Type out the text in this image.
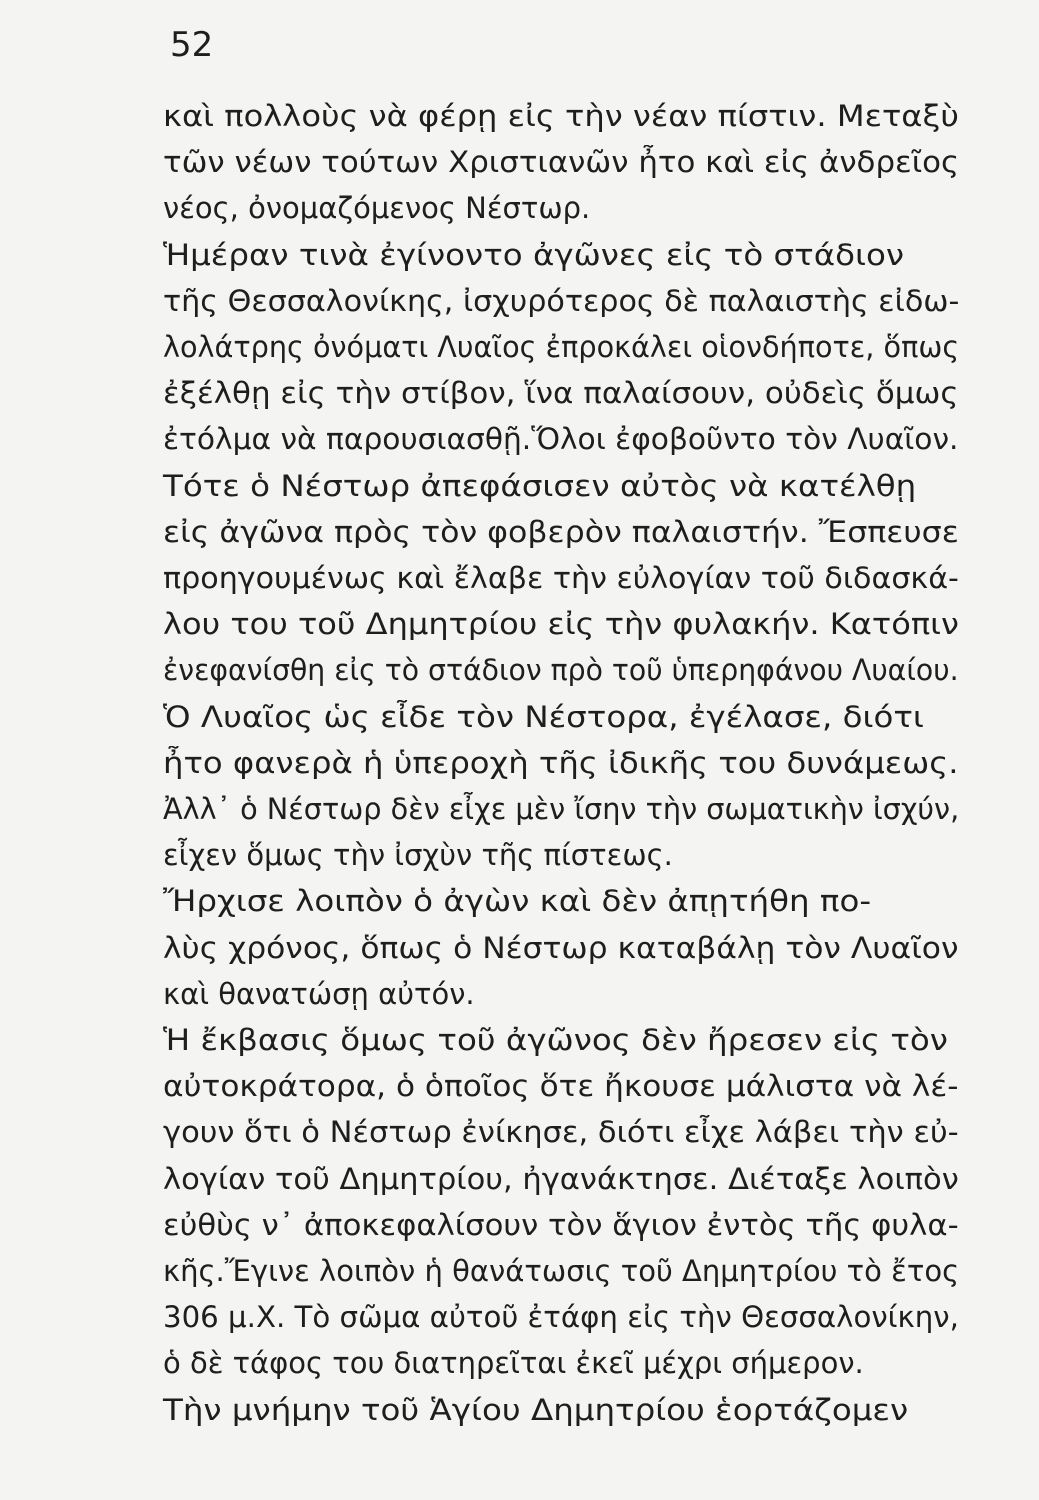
52
καὶ πολλοὺς νὰ φέρῃ εἰς τὴν νέαν πίστιν. Μεταξὺ
τῶν νέων τούτων Χριστιανῶν ἦτο καὶ εἰς ἀνδρεῖος
νέος, ὀνομαζόμενος Νέστωρ.
Ἡμέραν τινὰ ἐγίνοντο ἀγῶνες εἰς τὸ στάδιον
τῆς Θεσσαλονίκης, ἰσχυρότερος δὲ παλαιστὴς εἰδω-
λολάτρης ὀνόματι Λυαῖος ἐπροκάλει οἱονδήποτε, ὅπως
ἐξέλθῃ εἰς τὴν στίβον, ἵνα παλαίσουν, οὐδεὶς ὅμως
ἐτόλμα νὰ παρουσιασθῇ.Ὅλοι ἐφοβοῦντο τὸν Λυαῖον.
Τότε ὁ Νέστωρ ἀπεφάσισεν αὐτὸς νὰ κατέλθῃ
εἰς ἀγῶνα πρὸς τὸν φοβερὸν παλαιστήν. Ἔσπευσε
προηγουμένως καὶ ἔλαβε τὴν εὐλογίαν τοῦ διδασκά-
λου του τοῦ Δημητρίου εἰς τὴν φυλακήν. Κατόπιν
ἐνεφανίσθη εἰς τὸ στάδιον πρὸ τοῦ ὑπερηφάνου Λυαίου.
Ὁ Λυαῖος ὡς εἶδε τὸν Νέστορα, ἐγέλασε, διότι
ἦτο φανερὰ ἡ ὑπεροχὴ τῆς ἰδικῆς του δυνάμεως.
Ἀλλ᾽ ὁ Νέστωρ δὲν εἶχε μὲν ἴσην τὴν σωματικὴν ἰσχύν,
εἶχεν ὅμως τὴν ἰσχὺν τῆς πίστεως.
Ἤρχισε λοιπὸν ὁ ἀγὼν καὶ δὲν ἀπῃτήθη πο-
λὺς χρόνος, ὅπως ὁ Νέστωρ καταβάλῃ τὸν Λυαῖον
καὶ θανατώσῃ αὐτόν.
Ἡ ἔκβασις ὅμως τοῦ ἀγῶνος δὲν ἤρεσεν εἰς τὸν
αὐτοκράτορα, ὁ ὁποῖος ὅτε ἤκουσε μάλιστα νὰ λέ-
γουν ὅτι ὁ Νέστωρ ἐνίκησε, διότι εἶχε λάβει τὴν εὐ-
λογίαν τοῦ Δημητρίου, ἠγανάκτησε. Διέταξε λοιπὸν
εὐθὺς ν᾽ ἀποκεφαλίσουν τὸν ἅγιον ἐντὸς τῆς φυλα-
κῆς.Ἔγινε λοιπὸν ἡ θανάτωσις τοῦ Δημητρίου τὸ ἔτος
306 μ.Χ. Τὸ σῶμα αὐτοῦ ἐτάφη εἰς τὴν Θεσσαλονίκην,
ὁ δὲ τάφος του διατηρεῖται ἐκεῖ μέχρι σήμερον.
Τὴν μνήμην τοῦ Ἁγίου Δημητρίου ἑορτάζομεν
